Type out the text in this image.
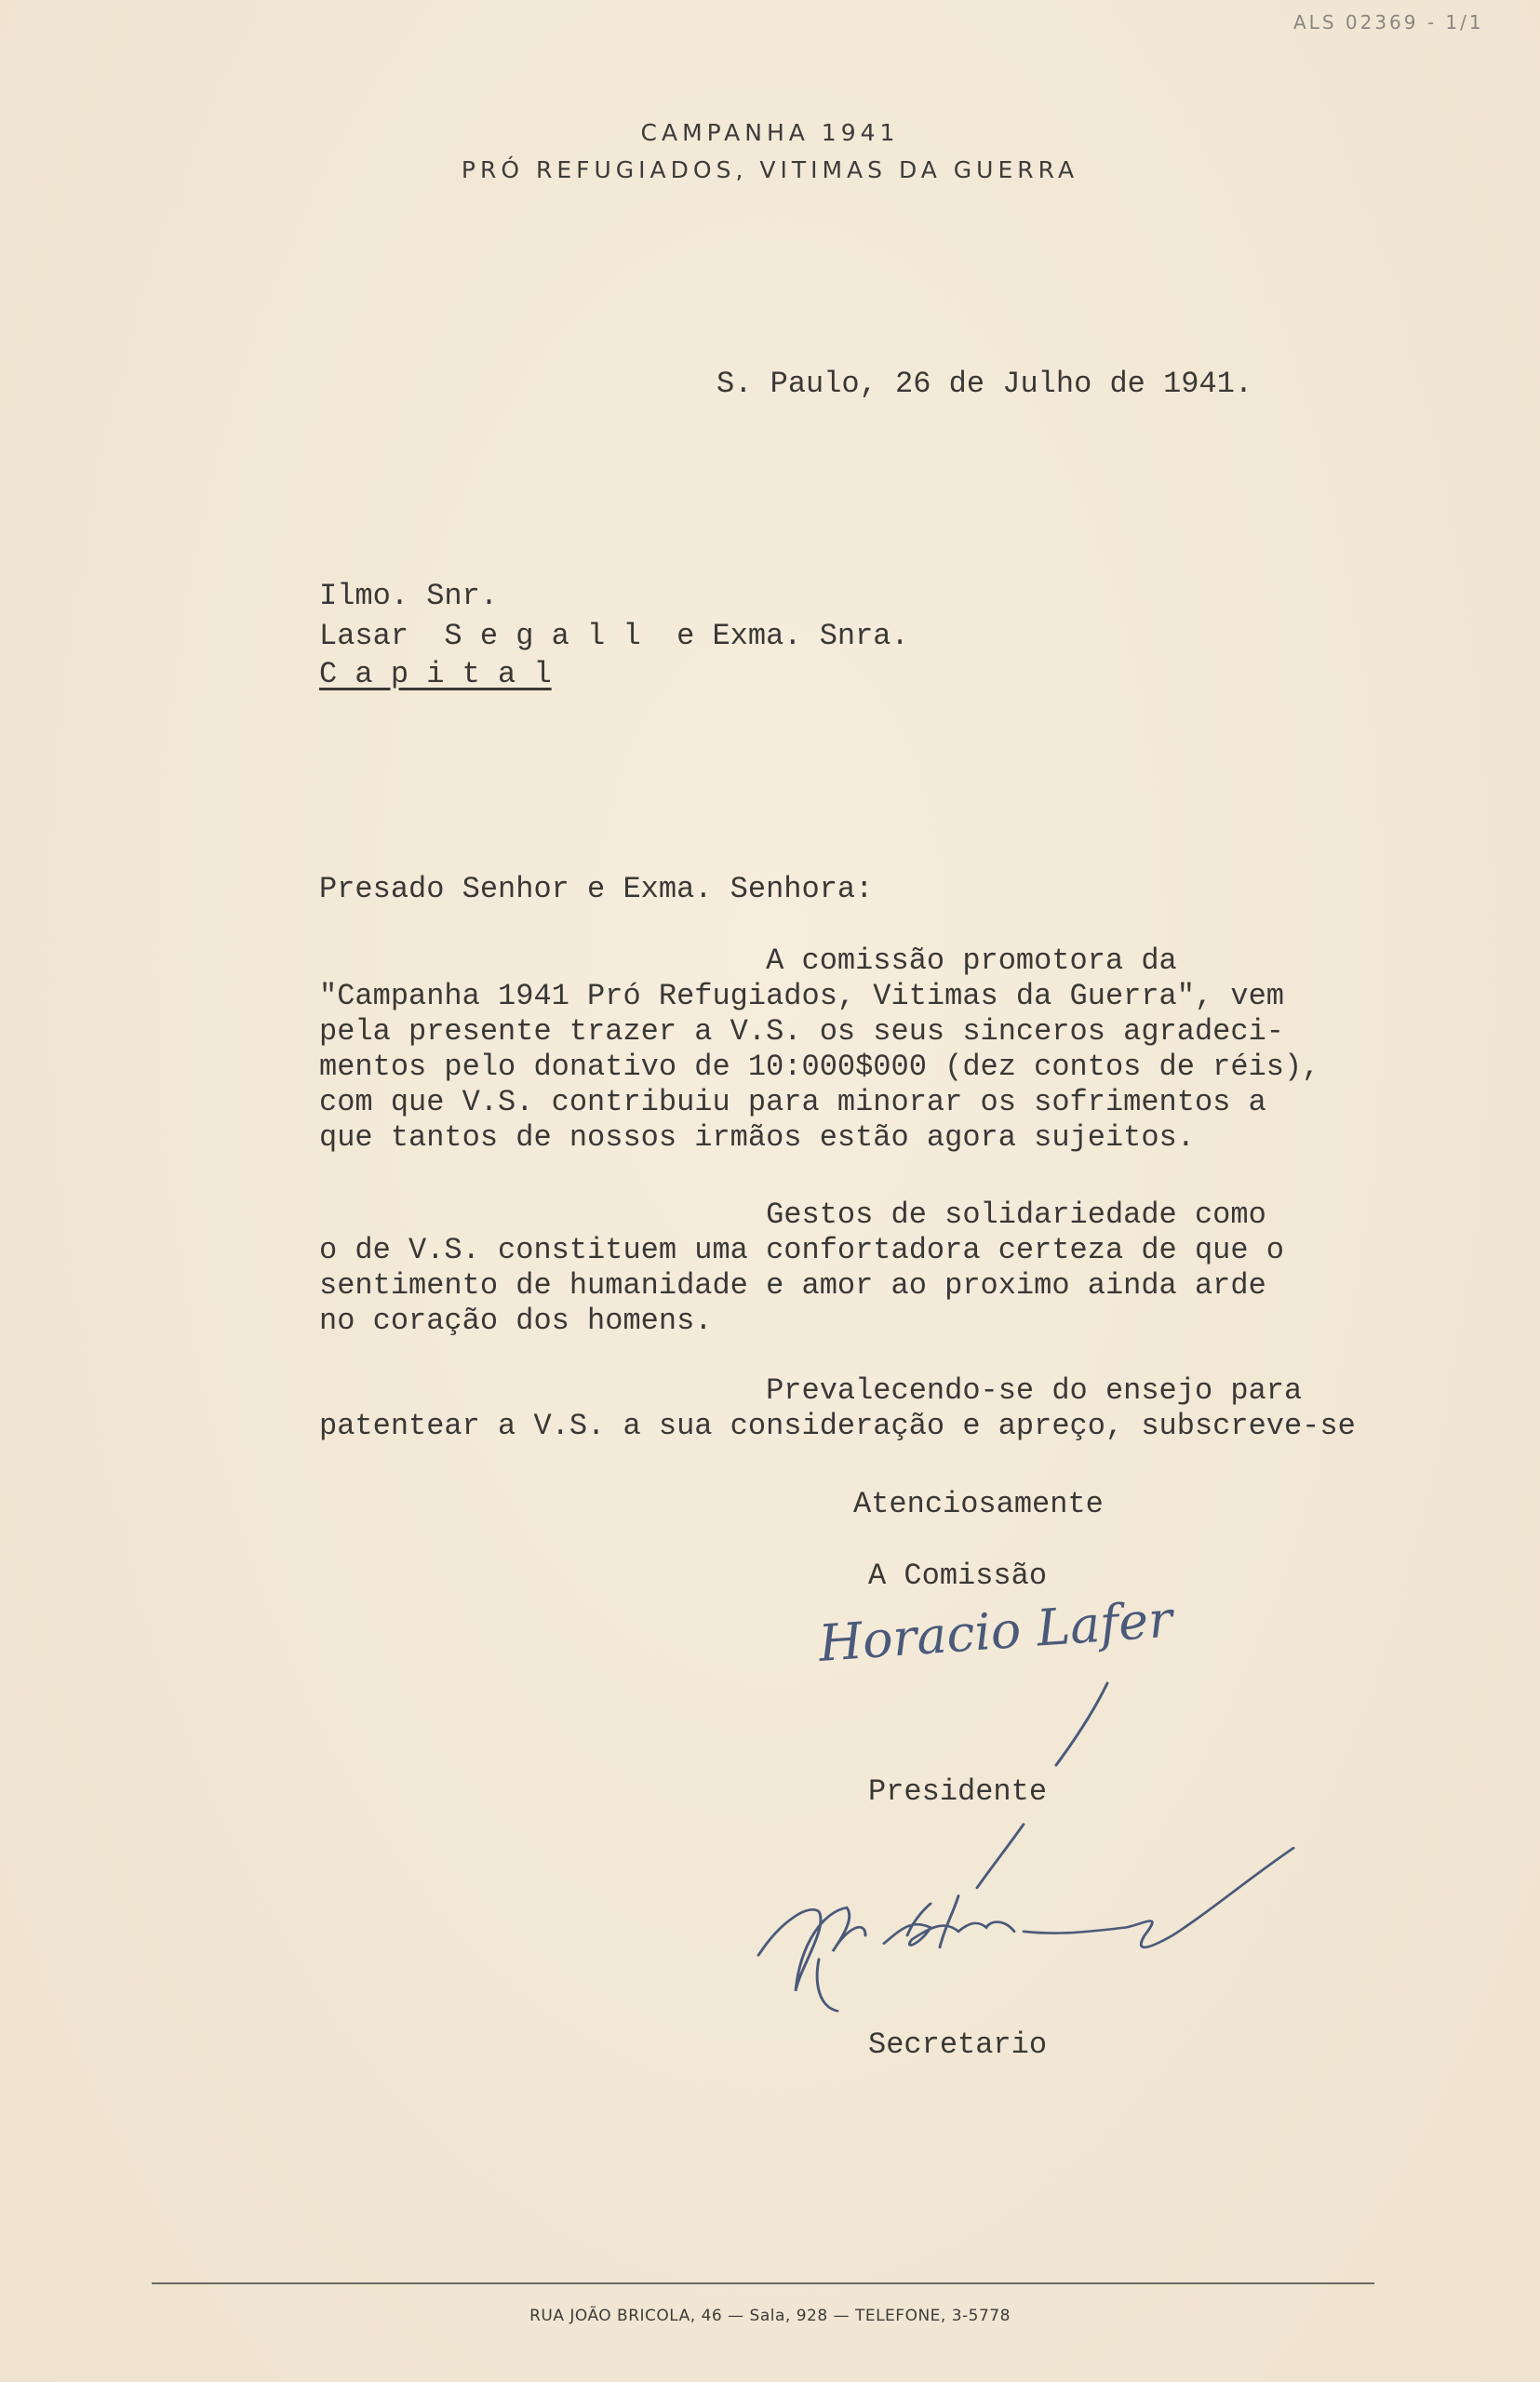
ALS 02369 - 1/1
CAMPANHA 1941
PRÓ REFUGIADOS, VITIMAS DA GUERRA
S. Paulo, 26 de Julho de 1941.
Ilmo. Snr.
Lasar  S e g a l l  e Exma. Snra.
C a p i t a l
Presado Senhor e Exma. Senhora:
A comissão promotora da
"Campanha 1941 Pró Refugiados, Vitimas da Guerra", vem
pela presente trazer a V.S. os seus sinceros agradeci-
mentos pelo donativo de 10:000$000 (dez contos de réis),
com que V.S. contribuiu para minorar os sofrimentos a
que tantos de nossos irmãos estão agora sujeitos.
Gestos de solidariedade como
o de V.S. constituem uma confortadora certeza de que o
sentimento de humanidade e amor ao proximo ainda arde
no coração dos homens.
Prevalecendo-se do ensejo para
patentear a V.S. a sua consideração e apreço, subscreve-se
Atenciosamente
A Comissão
Horacio Lafer
Presidente
Secretario
RUA JOÃO BRICOLA, 46 — Sala, 928 — TELEFONE, 3-5778
